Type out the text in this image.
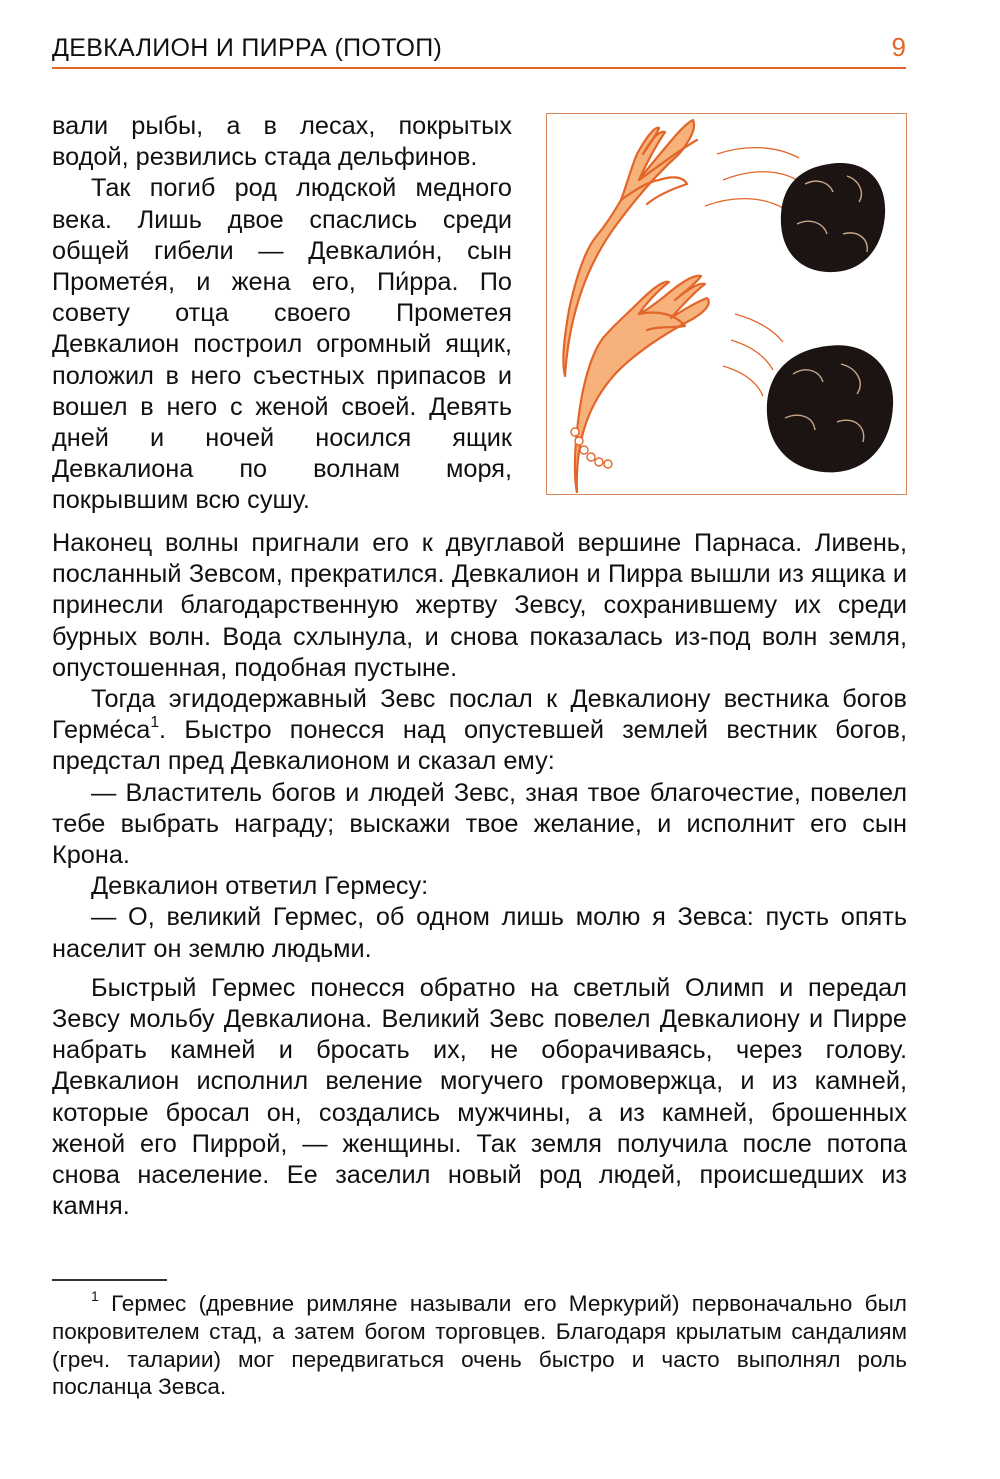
ДЕВКАЛИОН И ПИРРА (ПОТОП)	9

вали рыбы, а в лесах, покрытых водой, резвились стада дельфинов.

Так погиб род людской медного века. Лишь двое спаслись среди общей гибели — Девкалио́н, сын Промете́я, и жена его, Пи́рра. По совету отца своего Прометея Девкалион построил огромный ящик, положил в него съестных припасов и вошел в него с женой своей. Девять дней и ночей носился ящик Девкалиона по волнам моря, покрывшим всю сушу.

Наконец волны пригнали его к двуглавой вершине Парнаса. Ливень, посланный Зевсом, прекратился. Девкалион и Пирра вышли из ящика и принесли благодарственную жертву Зевсу, сохранившему их среди бурных волн. Вода схлынула, и снова показалась из-под волн земля, опустошенная, подобная пустыне.

Тогда эгидодержавный Зевс послал к Девкалиону вестника богов $Герме́са^1$. Быстро понесся над опустевшей землей вестник богов, предстал пред Девкалионом и сказал ему:

— Властитель богов и людей Зевс, зная твое благочестие, повелел тебе выбрать награду; выскажи твое желание, и исполнит его сын Крона.

Девкалион ответил Гермесу:

— О, великий Гермес, об одном лишь молю я Зевса: пусть опять населит он землю людьми.

Быстрый Гермес понесся обратно на светлый Олимп и передал Зевсу мольбу Девкалиона. Великий Зевс повелел Девкалиону и Пирре набрать камней и бросать их, не оборачиваясь, через голову. Девкалион исполнил веление могучего громовержца, и из камней, которые бросал он, создались мужчины, а из камней, брошенных женой его Пиррой, — женщины. Так земля получила после потопа снова население. Ее заселил новый род людей, происшедших из камня.

$^1$ Гермес (древние римляне называли его Меркурий) первоначально был покровителем стад, а затем богом торговцев. Благодаря крылатым сандалиям (греч. таларии) мог передвигаться очень быстро и часто выполнял роль посланца Зевса.
